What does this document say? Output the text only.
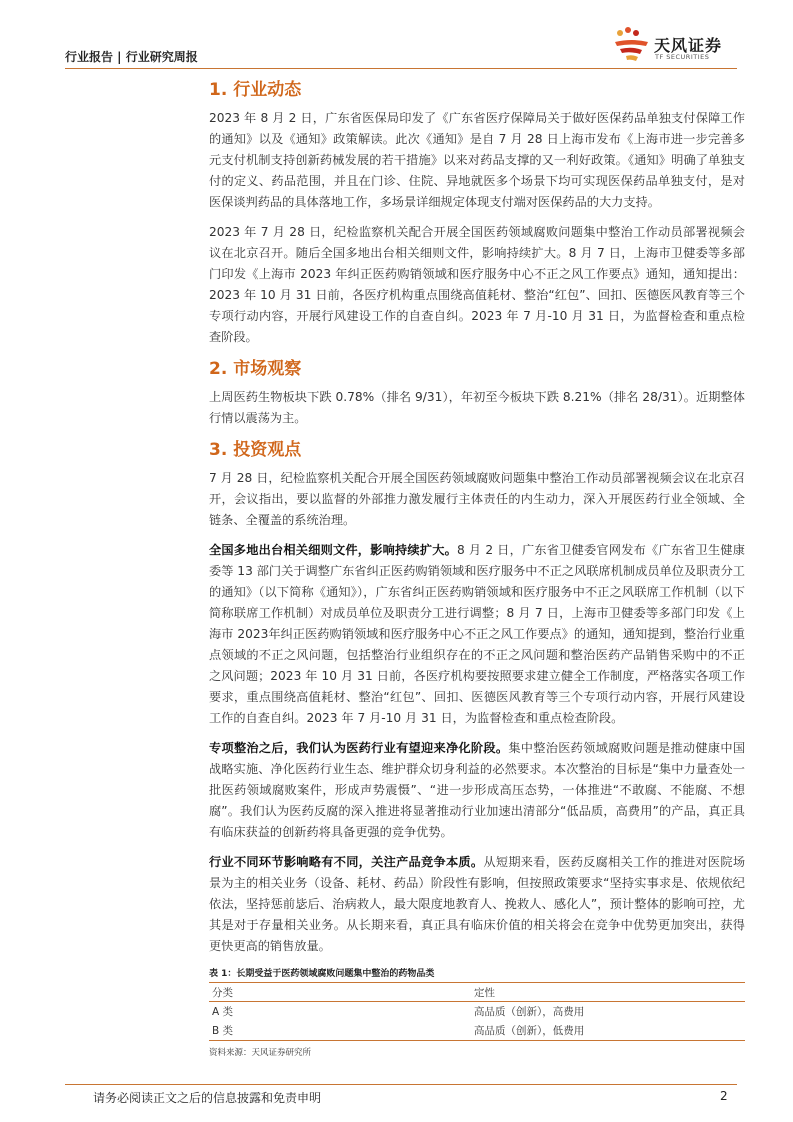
行业报告 | 行业研究周报
天风证券
TF SECURITIES
1. 行业动态

2023 年 8 月 2 日，广东省医保局印发了《广东省医疗保障局关于做好医保药品单独支付保障工作的通知》以及《通知》政策解读。此次《通知》是自 7 月 28 日上海市发布《上海市进一步完善多元支付机制支持创新药械发展的若干措施》以来对药品支撑的又一利好政策。《通知》明确了单独支付的定义、药品范围，并且在门诊、住院、异地就医多个场景下均可实现医保药品单独支付，是对医保谈判药品的具体落地工作，多场景详细规定体现支付端对医保药品的大力支持。

2023 年 7 月 28 日，纪检监察机关配合开展全国医药领域腐败问题集中整治工作动员部署视频会议在北京召开。随后全国多地出台相关细则文件，影响持续扩大。8 月 7 日，上海市卫健委等多部门印发《上海市 2023 年纠正医药购销领域和医疗服务中心不正之风工作要点》通知，通知提出：2023 年 10 月 31 日前，各医疗机构重点围绕高值耗材、整治“红包”、回扣、医德医风教育等三个专项行动内容，开展行风建设工作的自查自纠。2023 年 7 月-10 月 31 日，为监督检查和重点检查阶段。

2. 市场观察

上周医药生物板块下跌 0.78%（排名 9/31），年初至今板块下跌 8.21%（排名 28/31）。近期整体行情以震荡为主。

3. 投资观点

7 月 28 日，纪检监察机关配合开展全国医药领域腐败问题集中整治工作动员部署视频会议在北京召开，会议指出，要以监督的外部推力激发履行主体责任的内生动力，深入开展医药行业全领域、全链条、全覆盖的系统治理。

全国多地出台相关细则文件，影响持续扩大。8 月 2 日，广东省卫健委官网发布《广东省卫生健康委等 13 部门关于调整广东省纠正医药购销领域和医疗服务中不正之风联席机制成员单位及职责分工的通知》（以下简称《通知》），广东省纠正医药购销领域和医疗服务中不正之风联席工作机制（以下简称联席工作机制）对成员单位及职责分工进行调整；8 月 7 日，上海市卫健委等多部门印发《上海市 2023年纠正医药购销领域和医疗服务中心不正之风工作要点》的通知，通知提到，整治行业重点领域的不正之风问题，包括整治行业组织存在的不正之风问题和整治医药产品销售采购中的不正之风问题；2023 年 10 月 31 日前，各医疗机构要按照要求建立健全工作制度，严格落实各项工作要求，重点围绕高值耗材、整治“红包”、回扣、医德医风教育等三个专项行动内容，开展行风建设工作的自查自纠。2023 年 7 月-10 月 31 日，为监督检查和重点检查阶段。

专项整治之后，我们认为医药行业有望迎来净化阶段。集中整治医药领域腐败问题是推动健康中国战略实施、净化医药行业生态、维护群众切身利益的必然要求。本次整治的目标是“集中力量查处一批医药领域腐败案件，形成声势震慑”、“进一步形成高压态势，一体推进“不敢腐、不能腐、不想腐”。我们认为医药反腐的深入推进将显著推动行业加速出清部分“低品质，高费用”的产品，真正具有临床获益的创新药将具备更强的竞争优势。

行业不同环节影响略有不同，关注产品竞争本质。从短期来看，医药反腐相关工作的推进对医院场景为主的相关业务（设备、耗材、药品）阶段性有影响，但按照政策要求“坚持实事求是、依规依纪依法，坚持惩前毖后、治病救人，最大限度地教育人、挽救人、感化人”，预计整体的影响可控，尤其是对于存量相关业务。从长期来看，真正具有临床价值的相关将会在竞争中优势更加突出，获得更快更高的销售放量。

表 1：长期受益于医药领域腐败问题集中整治的药物品类
分类	定性
A 类	高品质（创新），高费用
B 类	高品质（创新），低费用
资料来源：天风证券研究所
请务必阅读正文之后的信息披露和免责申明	2
